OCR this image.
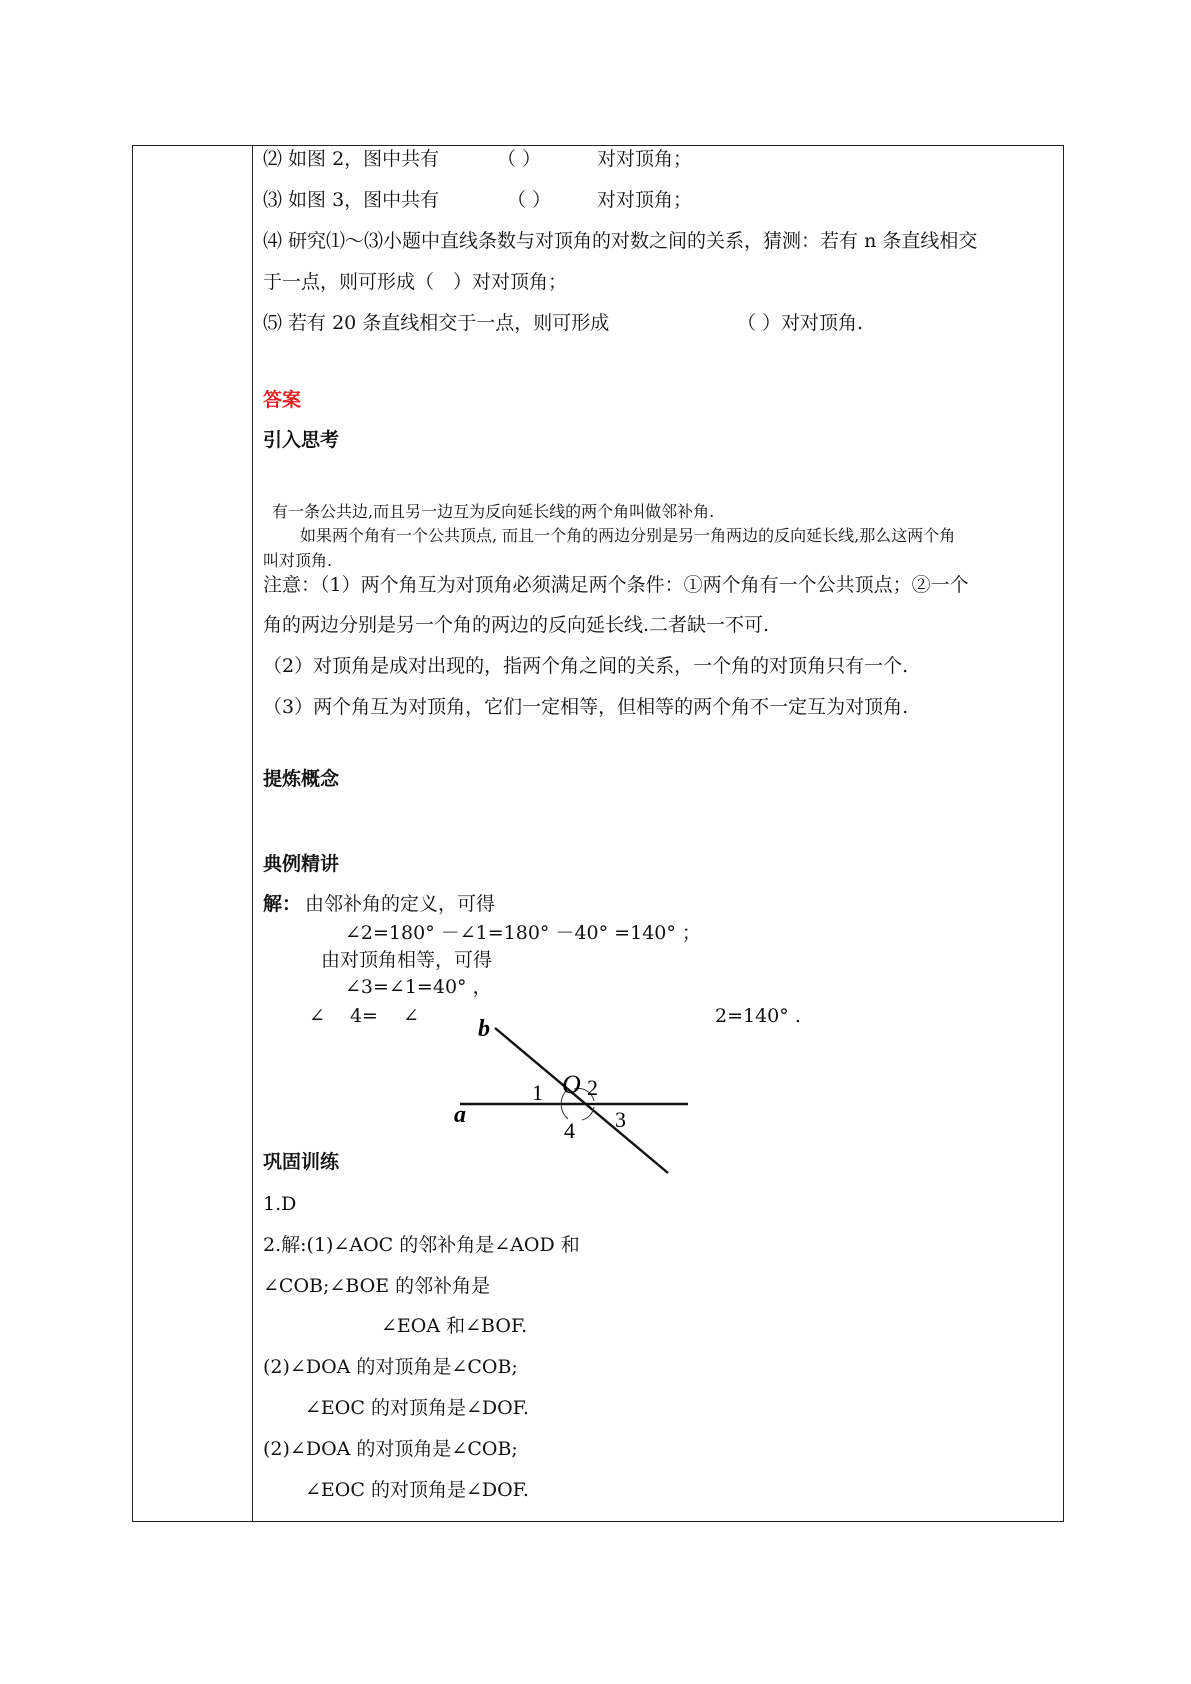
⑵ 如图 2，图中共有	（ ）	对对顶角；
⑶ 如图 3，图中共有	（ ） 对对顶角；
⑷ 研究⑴～⑶小题中直线条数与对顶角的对数之间的关系，猜测：若有 n 条直线相交
于一点，则可形成（　）对对顶角；
⑸ 若有 20 条直线相交于一点，则可形成	（ ）对对顶角.
答案
引入思考
有一条公共边,而且另一边互为反向延长线的两个角叫做邻补角.
如果两个角有一个公共顶点, 而且一个角的两边分别是另一角两边的反向延长线,那么这两个角
叫对顶角.
注意：（1）两个角互为对顶角必须满足两个条件：①两个角有一个公共顶点；②一个
角的两边分别是另一个角的两边的反向延长线.二者缺一不可.
（2）对顶角是成对出现的，指两个角之间的关系，一个角的对顶角只有一个.
（3）两个角互为对顶角，它们一定相等，但相等的两个角不一定互为对顶角.
提炼概念
典例精讲
解： 由邻补角的定义，可得
∠2=180° －∠1=180° －40° =140° ；
由对顶角相等，可得
∠3=∠1=40° ，
∠　 4=　 ∠	2=140° .
b
a
O
1 2
3
4
巩固训练
1.D
2.解:(1)∠AOC 的邻补角是∠AOD 和
∠COB;∠BOE 的邻补角是
∠EOA 和∠BOF.
(2)∠DOA 的对顶角是∠COB;
∠EOC 的对顶角是∠DOF.
(2)∠DOA 的对顶角是∠COB;
∠EOC 的对顶角是∠DOF.
